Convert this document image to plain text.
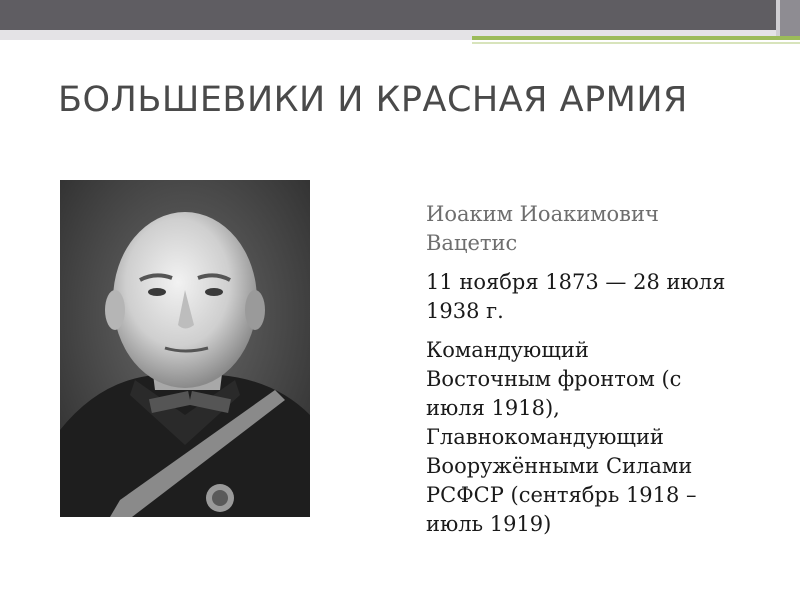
БОЛЬШЕВИКИ И КРАСНАЯ АРМИЯ

Иоаким Иоакимович
Вацетис

11 ноября 1873 — 28 июля
1938 г.

Командующий
Восточным фронтом (с
июля 1918),
Главнокомандующий
Вооружёнными Силами
РСФСР (сентябрь 1918 –
июль 1919)
